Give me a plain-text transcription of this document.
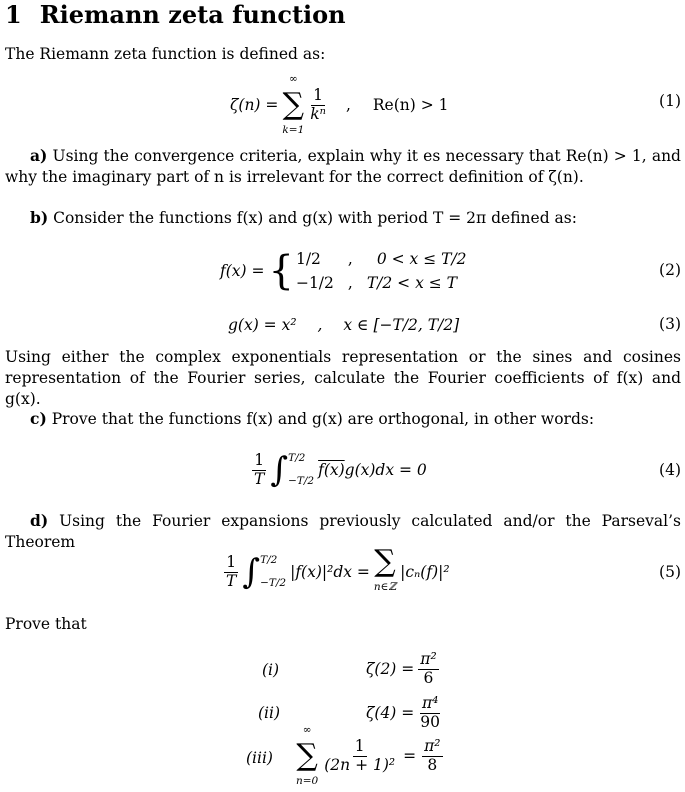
1 Riemann zeta function
The Riemann zeta function is defined as:
ζ(n) =
∞
∑
k=1
$\frac{1}{\text{kⁿ}}$ , Re(n) > 1	(1)
a) Using the convergence criteria, explain why it es necessary that Re(n) > 1, and why the imaginary part of n is irrelevant for the correct definition of ζ(n).
b) Consider the functions f(x) and g(x) with period T = 2π defined as:
f(x) = { 1/2	,	0 < x ≤ T/2
−1/2 , T/2 < x ≤ T
(2)
g(x) = x² , x ∈ [−T/2, T/2]	(3)
Using either the complex exponentials representation or the sines and cosines representation of the Fourier series, calculate the Fourier coefficients of f(x) and g(x).
c) Prove that the functions f(x) and g(x) are orthogonal, in other words:
$\frac{1}{T}$ ∫ T/2
−T/2
f(x) g(x)dx = 0	(4)
d) Using the Fourier expansions previously calculated and/or the Parseval’s Theorem
$\frac{1}{T}$ ∫ T/2
−T/2
|f(x)|²dx = ∑
n∈ℤ
|cₙ(f)|²	(5)
Prove that
(i)	$\zeta(2) = \frac{\text{π²}}{6}$
(ii)	$\zeta(4) = \frac{\text{π⁴}}{90}$
(iii)
∞
∑
n=0
$\frac{1}{\text{(2n + 1)²}} = \frac{\text{π²}}{8}$
